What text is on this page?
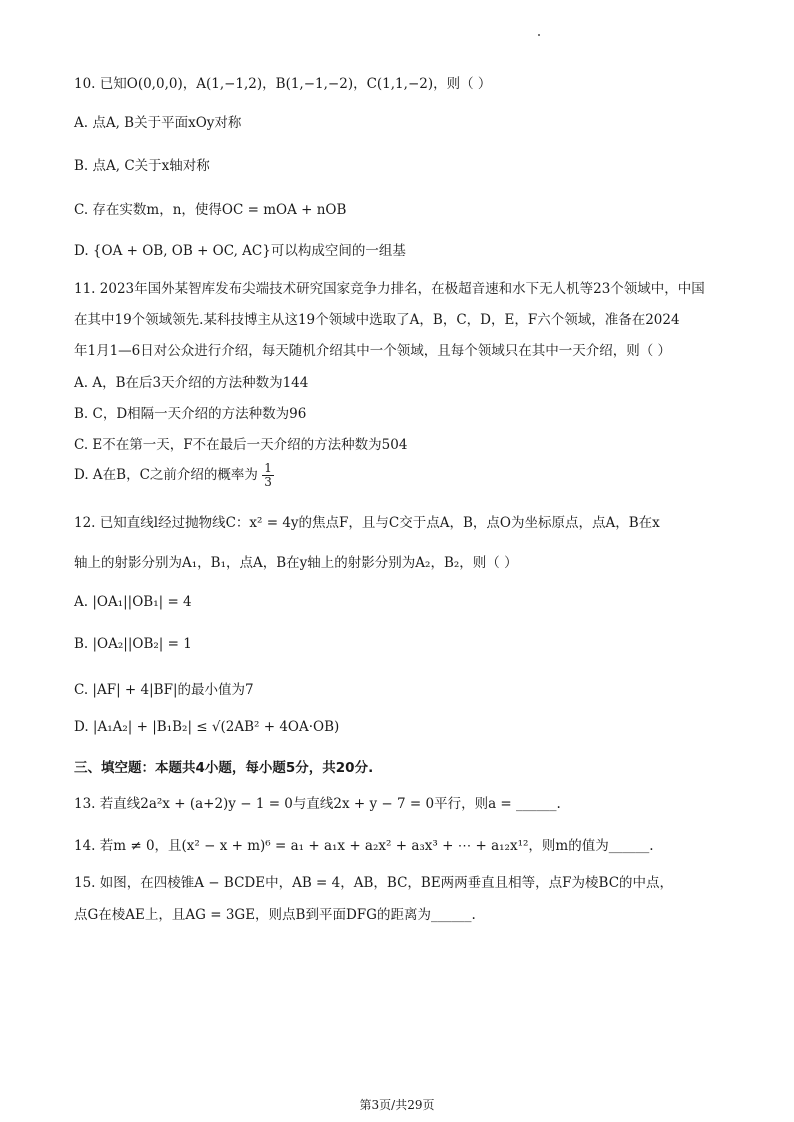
10. 已知O(0,0,0)，A(1,−1,2)，B(1,−1,−2)，C(1,1,−2)，则（ ）
A. 点A, B关于平面xOy对称
B. 点A, C关于x轴对称
C. 存在实数m，n，使得OC = mOA + nOB
D. {OA + OB, OB + OC, AC}可以构成空间的一组基
11. 2023年国外某智库发布尖端技术研究国家竞争力排名，在极超音速和水下无人机等23个领域中，中国
在其中19个领域领先.某科技博主从这19个领域中选取了A，B，C，D，E，F六个领域，准备在2024
年1月1—6日对公众进行介绍，每天随机介绍其中一个领域，且每个领域只在其中一天介绍，则（ ）
A. A，B在后3天介绍的方法种数为144
B. C，D相隔一天介绍的方法种数为96
C. E不在第一天，F不在最后一天介绍的方法种数为504
D. A在B，C之前介绍的概率为 $\frac{1}{3}$
12. 已知直线l经过抛物线C：x² = 4y的焦点F，且与C交于点A，B，点O为坐标原点，点A，B在x
轴上的射影分别为A₁，B₁，点A，B在y轴上的射影分别为A₂，B₂，则（ ）
A. |OA₁||OB₁| = 4
B. |OA₂||OB₂| = 1
C. |AF| + 4|BF|的最小值为7
D. |A₁A₂| + |B₁B₂| ≤ √(2AB² + 4OA·OB)
三、填空题：本题共4小题，每小题5分，共20分.
13. 若直线2a²x + (a+2)y − 1 = 0与直线2x + y − 7 = 0平行，则a = ______.
14. 若m ≠ 0，且(x² − x + m)⁶ = a₁ + a₁x + a₂x² + a₃x³ + ⋯ + a₁₂x¹²，则m的值为______.
15. 如图，在四棱锥A − BCDE中，AB = 4，AB，BC，BE两两垂直且相等，点F为棱BC的中点，
点G在棱AE上，且AG = 3GE，则点B到平面DFG的距离为______.
第3页/共29页
